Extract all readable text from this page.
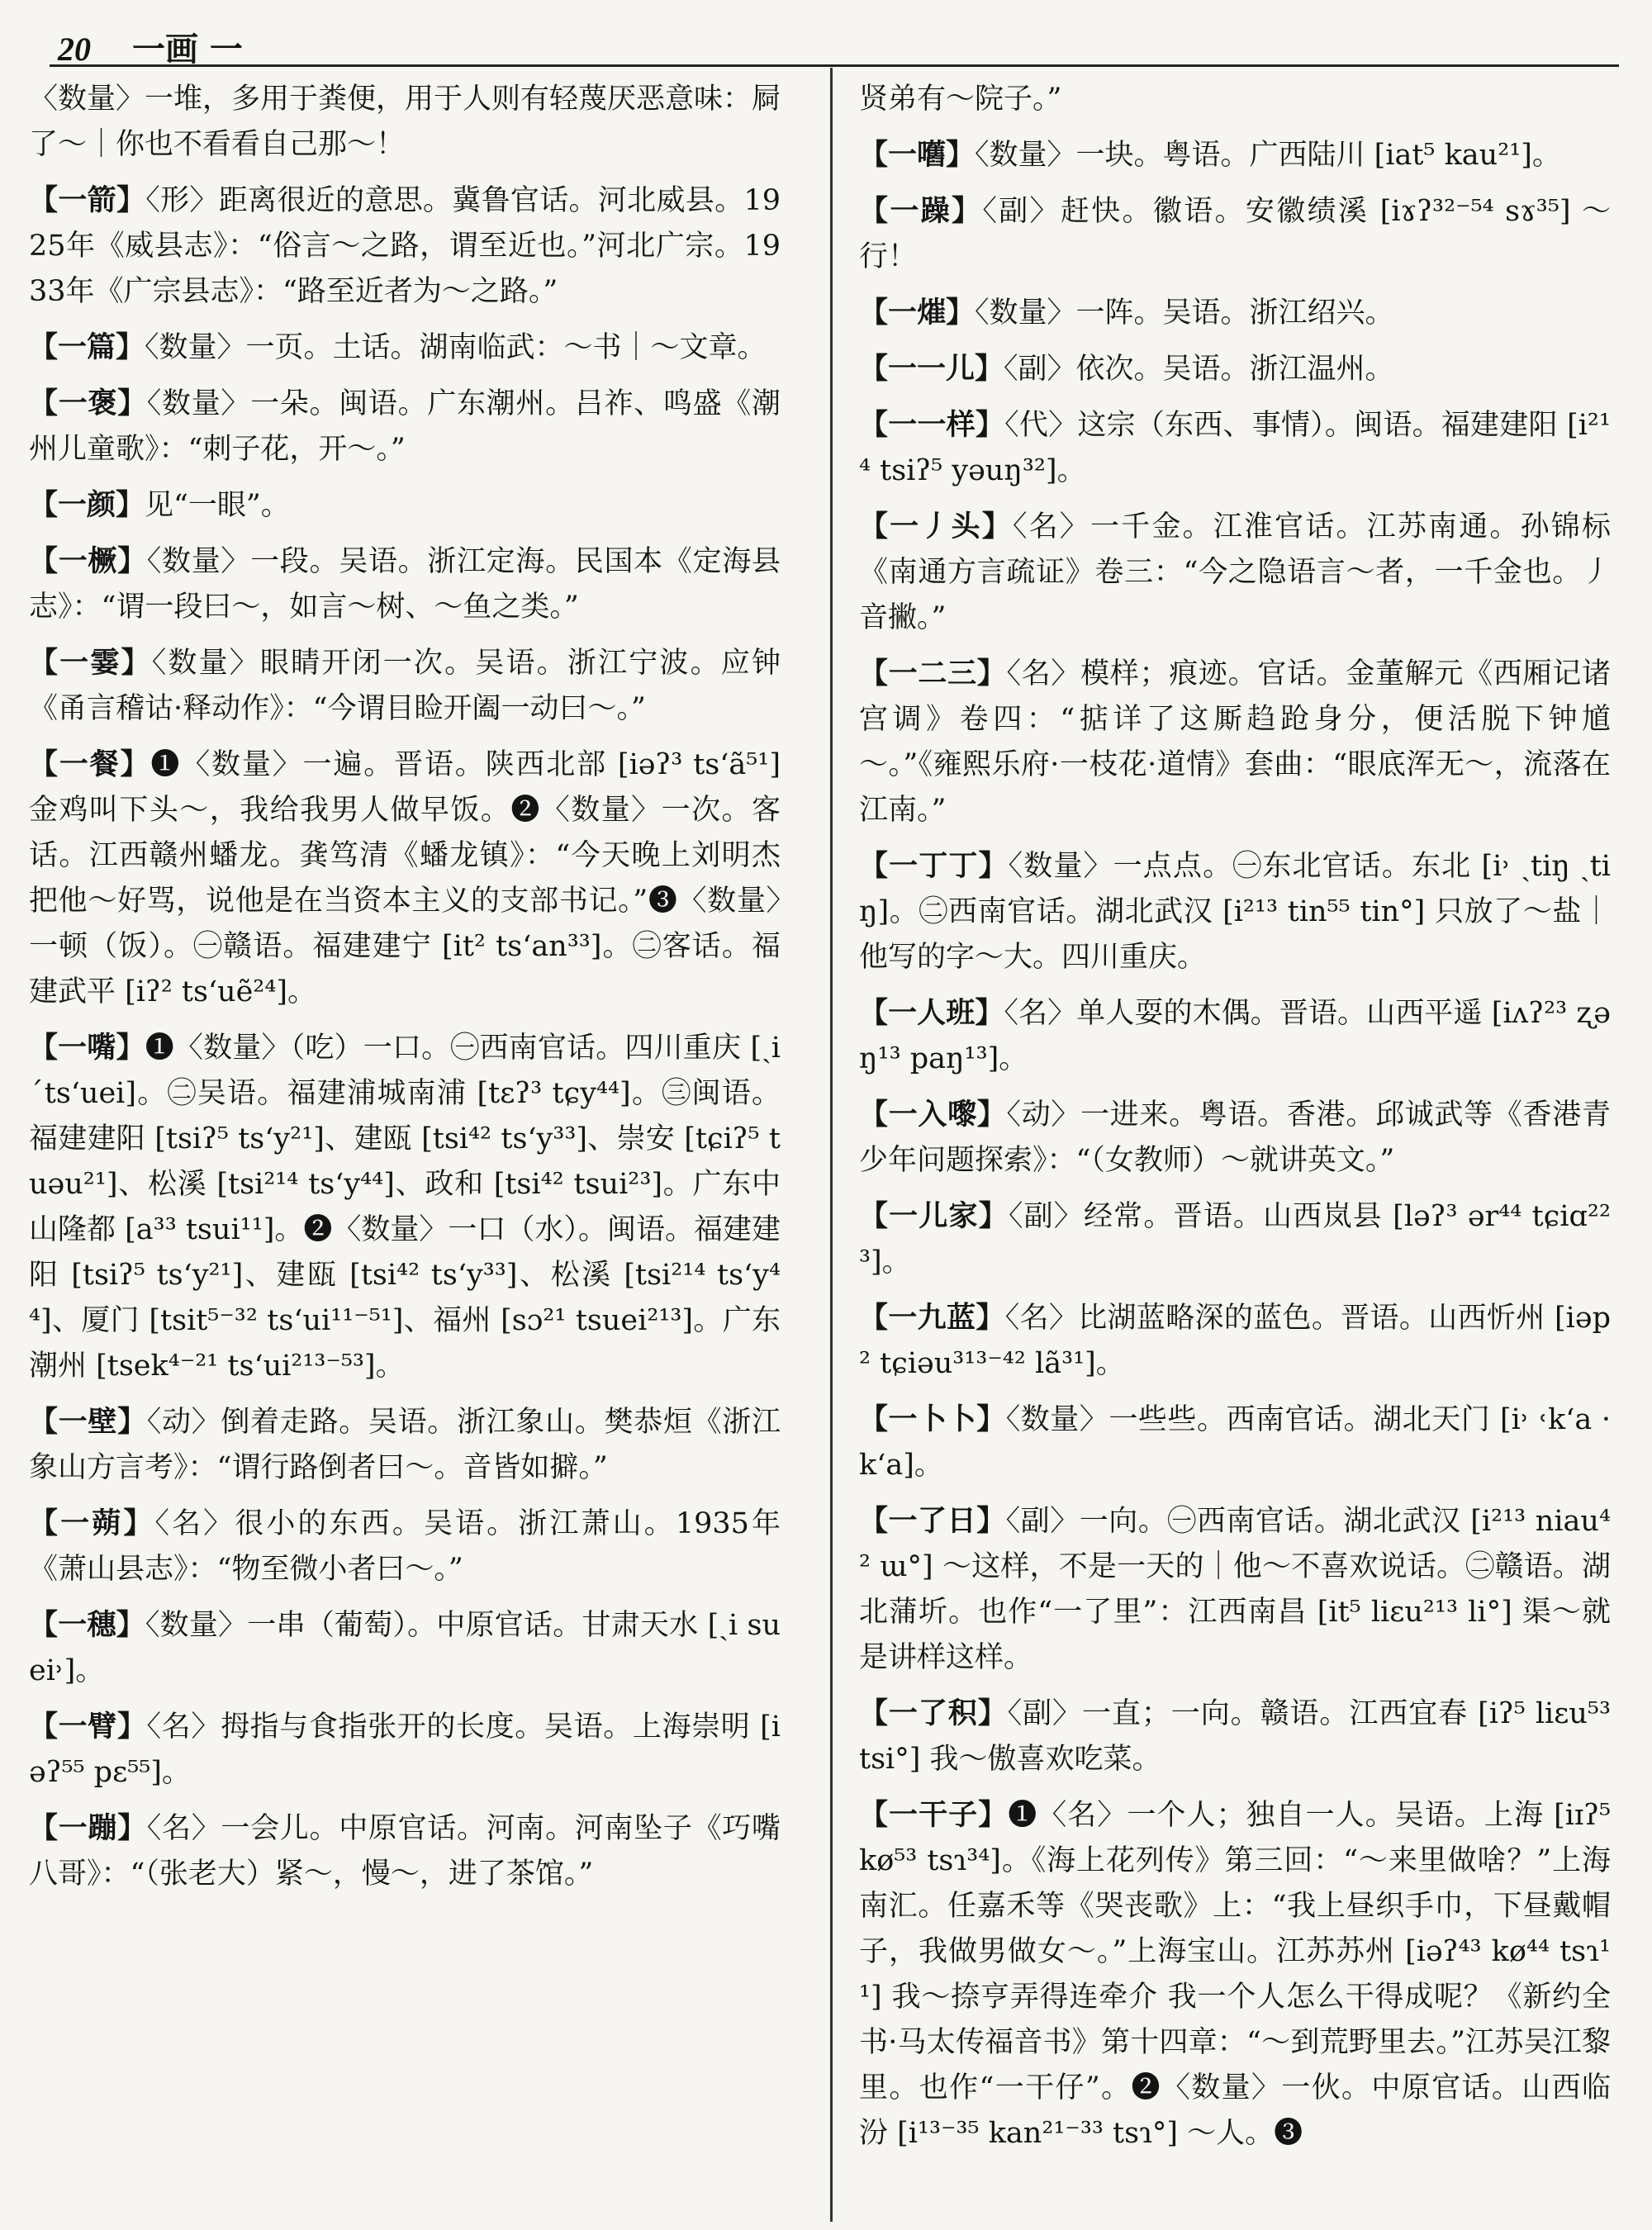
20 一画 一

〈数量〉一堆，多用于粪便，用于人则有轻蔑厌恶意味：屙了～｜你也不看看自己那～！

【一箭】〈形〉距离很近的意思。冀鲁官话。河北威县。1925年《威县志》：“俗言～之路，谓至近也。”河北广宗。1933年《广宗县志》：“路至近者为～之路。”

【一篇】〈数量〉一页。土话。湖南临武：～书｜～文章。

【一褒】〈数量〉一朵。闽语。广东潮州。吕祚、鸣盛《潮州儿童歌》：“刺子花，开～。”

【一颜】见“一眼”。

【一橛】〈数量〉一段。吴语。浙江定海。民国本《定海县志》：“谓一段曰～，如言～树、～鱼之类。”

【一霎】〈数量〉眼睛开闭一次。吴语。浙江宁波。应钟《甬言稽诂·释动作》：“今谓目睑开阖一动曰～。”

【一餐】❶〈数量〉一遍。晋语。陕西北部 [iəʔ³ tsʻã⁵¹] 金鸡叫下头～，我给我男人做早饭。❷〈数量〉一次。客话。江西赣州蟠龙。龚笃清《蟠龙镇》：“今天晚上刘明杰把他～好骂，说他是在当资本主义的支部书记。”❸〈数量〉一顿（饭）。㊀赣语。福建建宁 [it² tsʻan³³]。㊁客话。福建武平 [iʔ² tsʻuẽ²⁴]。

【一嘴】❶〈数量〉（吃）一口。㊀西南官话。四川重庆 [ˏi ˊtsʻuei]。㊁吴语。福建浦城南浦 [tɛʔ³ tɕy⁴⁴]。㊂闽语。福建建阳 [tsiʔ⁵ tsʻy²¹]、建瓯 [tsi⁴² tsʻy³³]、崇安 [tɕiʔ⁵ tuəu²¹]、松溪 [tsi²¹⁴ tsʻy⁴⁴]、政和 [tsi⁴² tsui²³]。广东中山隆都 [a³³ tsui¹¹]。❷〈数量〉一口（水）。闽语。福建建阳 [tsiʔ⁵ tsʻy²¹]、建瓯 [tsi⁴² tsʻy³³]、松溪 [tsi²¹⁴ tsʻy⁴⁴]、厦门 [tsit⁵⁻³² tsʻui¹¹⁻⁵¹]、福州 [sɔ²¹ tsuei²¹³]。广东潮州 [tsek⁴⁻²¹ tsʻui²¹³⁻⁵³]。

【一壁】〈动〉倒着走路。吴语。浙江象山。樊恭烜《浙江象山方言考》：“谓行路倒者曰～。音皆如擗。”

【一蒴】〈名〉很小的东西。吴语。浙江萧山。1935年《萧山县志》：“物至微小者曰～。”

【一穗】〈数量〉一串（葡萄）。中原官话。甘肃天水 [ˏi suei˒]。

【一臂】〈名〉拇指与食指张开的长度。吴语。上海崇明 [iəʔ⁵⁵ pɛ⁵⁵]。

【一蹦】〈名〉一会儿。中原官话。河南。河南坠子《巧嘴八哥》：“（张老大）紧～，慢～，进了茶馆。”

贤弟有～院子。”

【一嚿】〈数量〉一块。粤语。广西陆川 [iat⁵ kau²¹]。

【一躁】〈副〉赶快。徽语。安徽绩溪 [iɤʔ³²⁻⁵⁴ sɤ³⁵] ～行！

【一熣】〈数量〉一阵。吴语。浙江绍兴。

【一一儿】〈副〉依次。吴语。浙江温州。

【一一样】〈代〉这宗（东西、事情）。闽语。福建建阳 [i²¹⁴ tsiʔ⁵ yəuŋ³²]。

【一丿头】〈名〉一千金。江淮官话。江苏南通。孙锦标《南通方言疏证》卷三：“今之隐语言～者，一千金也。丿音撇。”

【一二三】〈名〉模样；痕迹。官话。金董解元《西厢记诸宫调》卷四：“掂详了这厮趋跄身分，便活脱下钟馗～。”《雍熙乐府·一枝花·道情》套曲：“眼底浑无～，流落在江南。”

【一丁丁】〈数量〉一点点。㊀东北官话。东北 [i˒ ˏtiŋ ˏtiŋ]。㊁西南官话。湖北武汉 [i²¹³ tin⁵⁵ tin°] 只放了～盐｜他写的字～大。四川重庆。

【一人班】〈名〉单人耍的木偶。晋语。山西平遥 [iʌʔ²³ ʐəŋ¹³ paŋ¹³]。

【一入嚟】〈动〉一进来。粤语。香港。邱诚武等《香港青少年问题探索》：“（女教师）～就讲英文。”

【一儿家】〈副〉经常。晋语。山西岚县 [ləʔ³ ər⁴⁴ tɕiɑ²²³]。

【一九蓝】〈名〉比湖蓝略深的蓝色。晋语。山西忻州 [iəp² tɕiəu³¹³⁻⁴² lã³¹]。

【一卜卜】〈数量〉一些些。西南官话。湖北天门 [i˒ ˓kʻa ·kʻa]。

【一了日】〈副〉一向。㊀西南官话。湖北武汉 [i²¹³ niau⁴² ɯ°] ～这样，不是一天的｜他～不喜欢说话。㊁赣语。湖北蒲圻。也作“一了里”：江西南昌 [it⁵ liɛu²¹³ li°] 渠～就是讲样这样。

【一了积】〈副〉一直；一向。赣语。江西宜春 [iʔ⁵ liɛu⁵³ tsi°] 我～傲喜欢吃菜。

【一干子】❶〈名〉一个人；独自一人。吴语。上海 [iɪʔ⁵ kø⁵³ tsɿ³⁴]。《海上花列传》第三回：“～来里做啥？”上海南汇。任嘉禾等《哭丧歌》上：“我上昼织手巾，下昼戴帽子，我做男做女～。”上海宝山。江苏苏州 [iəʔ⁴³ kø⁴⁴ tsɿ¹¹] 我～捺亨弄得连牵介 我一个人怎么干得成呢？《新约全书·马太传福音书》第十四章：“～到荒野里去。”江苏吴江黎里。也作“一干仔”。❷〈数量〉一伙。中原官话。山西临汾 [i¹³⁻³⁵ kan²¹⁻³³ tsɿ°] ～人。❸
